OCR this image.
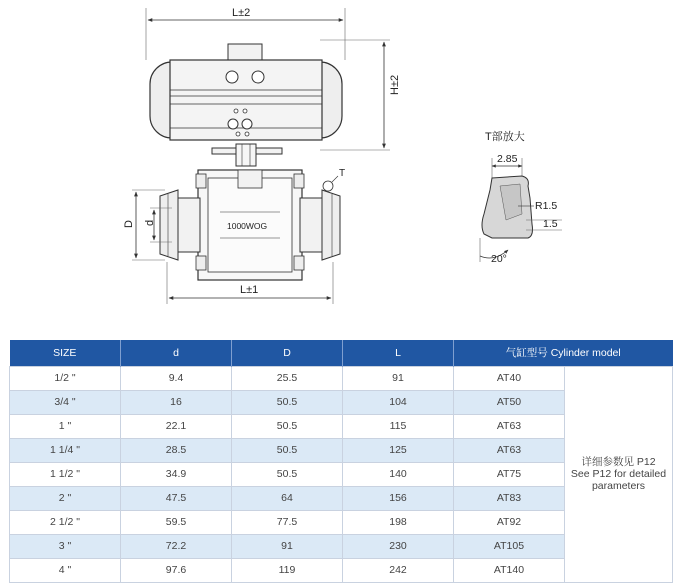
L±2
H±2
1000WOG
T
D d
L±1
T部放大
2.85
R1.5
1.5
20°
SIZE	d	D	L	气缸型号 Cylinder model	
1/2 "	9.4	25.5	91	AT40	详细参数见 P12
See P12 for detailed
parameters

3/4 "	16	50.5	104	AT50	
1 "	22.1	50.5	115	AT63	
1 1/4 "	28.5	50.5	125	AT63	
1 1/2 "	34.9	50.5	140	AT75	
2 "	47.5	64	156	AT83	
2 1/2 "	59.5	77.5	198	AT92	
3 "	72.2	91	230	AT105	
4 "	97.6	119	242	AT140	
